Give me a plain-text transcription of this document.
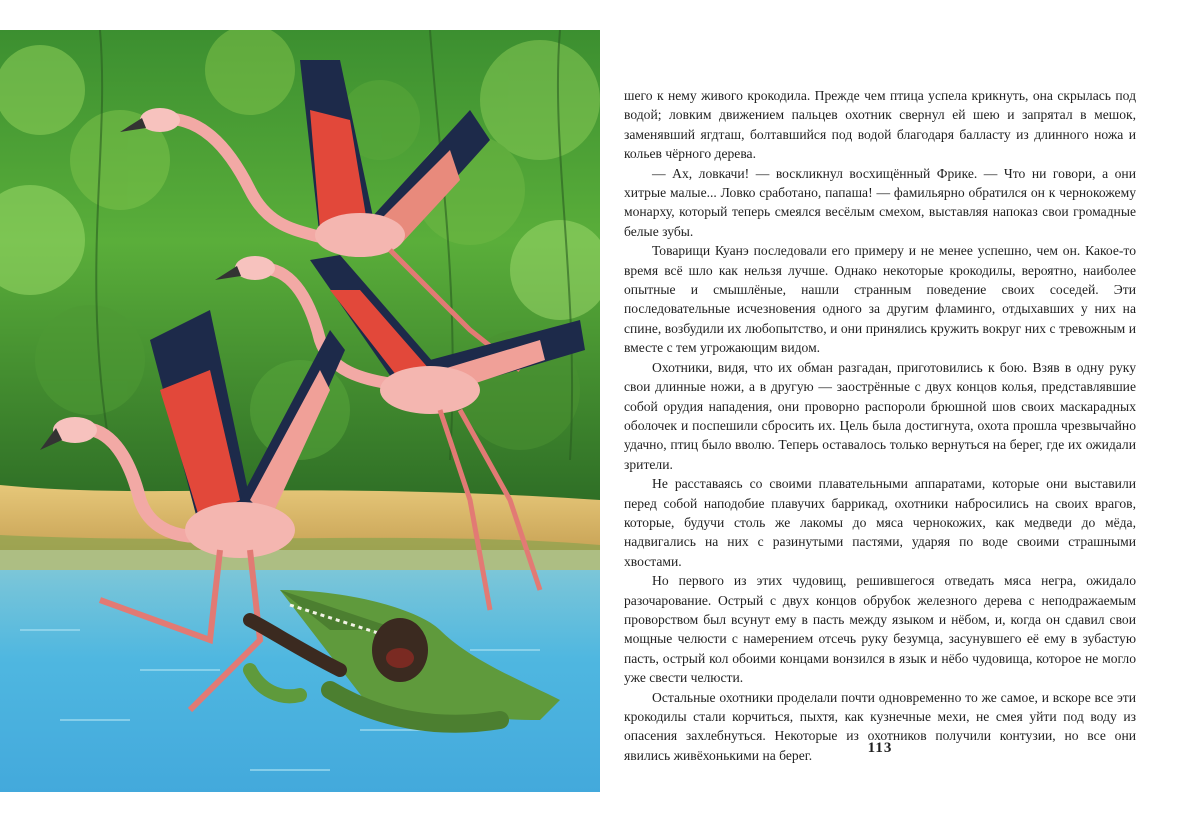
шего к нему живого крокодила. Прежде чем птица успела крикнуть, она скрылась под водой; ловким движением пальцев охотник свернул ей шею и запрятал в мешок, заменявший ягдташ, болтавшийся под водой благодаря балласту из длинного ножа и кольев чёрного дерева.

— Ах, ловкачи! — воскликнул восхищённый Фрике. — Что ни говори, а они хитрые малые... Ловко сработано, папаша! — фамильярно обратился он к чернокожему монарху, который теперь смеялся весёлым смехом, выставляя напоказ свои громадные белые зубы.

Товарищи Куанэ последовали его примеру и не менее успешно, чем он. Какое-то время всё шло как нельзя лучше. Однако некоторые крокодилы, вероятно, наиболее опытные и смышлёные, нашли странным поведение своих соседей. Эти последовательные исчезновения одного за другим фламинго, отдыхавших у них на спине, возбудили их любопытство, и они принялись кружить вокруг них с тревожным и вместе с тем угрожающим видом.

Охотники, видя, что их обман разгадан, приготовились к бою. Взяв в одну руку свои длинные ножи, а в другую — заострённые с двух концов колья, представлявшие собой орудия нападения, они проворно распороли брюшной шов своих маскарадных оболочек и поспешили сбросить их. Цель была достигнута, охота прошла чрезвычайно удачно, птиц было вволю. Теперь оставалось только вернуться на берег, где их ожидали зрители.

Не расставаясь со своими плавательными аппаратами, которые они выставили перед собой наподобие плавучих баррикад, охотники набросились на своих врагов, которые, будучи столь же лакомы до мяса чернокожих, как медведи до мёда, надвигались на них с разинутыми пастями, ударяя по воде своими страшными хвостами.

Но первого из этих чудовищ, решившегося отведать мяса негра, ожидало разочарование. Острый с двух концов обрубок железного дерева с неподражаемым проворством был всунут ему в пасть между языком и нёбом, и, когда он сдавил свои мощные челюсти с намерением отсечь руку безумца, засунувшего её ему в зубастую пасть, острый кол обоими концами вонзился в язык и нёбо чудовища, которое не могло уже свести челюсти.

Остальные охотники проделали почти одновременно то же самое, и вскоре все эти крокодилы стали корчиться, пыхтя, как кузнечные мехи, не смея уйти под воду из опасения захлебнуться. Некоторые из охотников получили контузии, но все они явились живёхонькими на берег.	113
